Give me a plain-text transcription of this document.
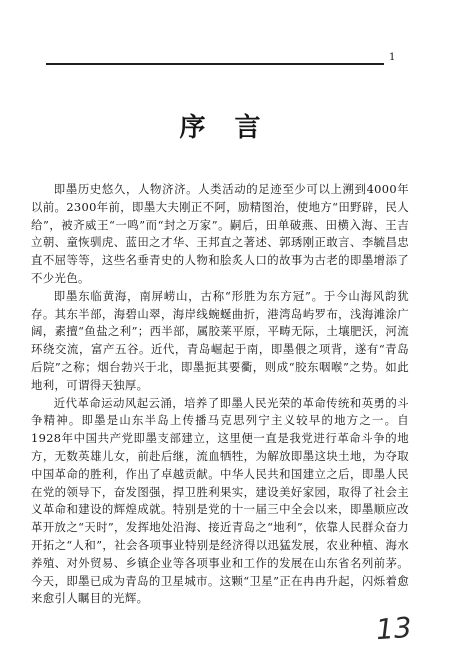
1
序 言

即墨历史悠久，人物济济。人类活动的足迹至少可以上溯到4000年以前。2300年前，即墨大夫刚正不阿，励精图治，使地方“田野辟，民人给”，被齐威王“一鸣”而“封之万家”。嗣后，田单破燕、田横入海、王吉立朝、童恢驯虎、蓝田之才华、王邦直之著述、郭琇刚正敢言、李毓昌忠直不屈等等，这些名垂青史的人物和脍炙人口的故事为古老的即墨增添了不少光色。

即墨东临黄海，南屏崂山，古称“形胜为东方冠”。于今山海风韵犹存。其东半部，海碧山翠，海岸线蜿蜒曲折，港湾岛屿罗布，浅海滩涂广阔，素擅“鱼盐之利”；西半部，属胶莱平原，平畴无际，土壤肥沃，河流环绕交流，富产五谷。近代，青岛崛起于南，即墨偎之项背，遂有“青岛后院”之称；烟台勃兴于北，即墨扼其要衢，则成“胶东咽喉”之势。如此地利，可谓得天独厚。

近代革命运动风起云涌，培养了即墨人民光荣的革命传统和英勇的斗争精神。即墨是山东半岛上传播马克思列宁主义较早的地方之一。自1928年中国共产党即墨支部建立，这里便一直是我党进行革命斗争的地方，无数英雄儿女，前赴后继，流血牺牲，为解放即墨这块土地，为夺取中国革命的胜利，作出了卓越贡献。中华人民共和国建立之后，即墨人民在党的领导下，奋发图强，捍卫胜利果实，建设美好家园，取得了社会主义革命和建设的辉煌成就。特别是党的十一届三中全会以来，即墨顺应改革开放之“天时”，发挥地处沿海、接近青岛之“地利”，依靠人民群众奋力开拓之“人和”，社会各项事业特别是经济得以迅猛发展，农业种植、海水养殖、对外贸易、乡镇企业等各项事业和工作的发展在山东省名列前茅。今天，即墨已成为青岛的卫星城市。这颗“卫星”正在冉冉升起，闪烁着愈来愈引人瞩目的光辉。

13
